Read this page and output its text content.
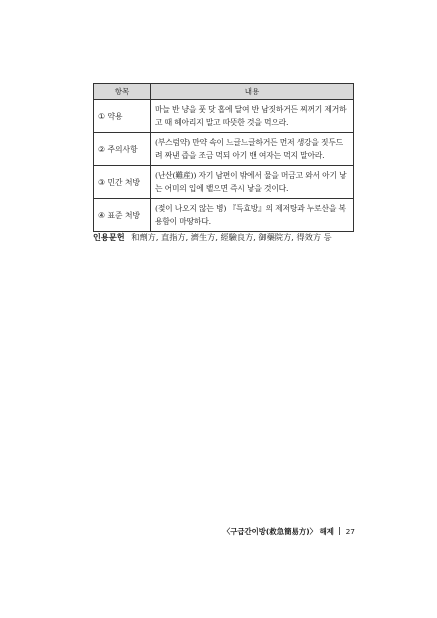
항목	내용
① 약용	마늘 반 냥을 풋 닷 홉에 달여 반 남짓하거든 찌꺼기 제거하고 때 헤아리지 말고 따뜻한 것을 먹으라.
② 주의사항	(부스럼약) 만약 속이 느글느글하거든 먼저 생강을 짓두드려 짜낸 즙을 조금 먹되 아기 밴 여자는 먹지 말아라.
③ 민간 처방	(난산(難産)) 자기 남편이 밖에서 물을 머금고 와서 아기 낳는 어미의 입에 뱉으면 즉시 낳을 것이다.
④ 표준 처방	(젖이 나오지 않는 병) 『득효방』의 제저탕과 누로산을 복용함이 마땅하다.
인용문헌 和劑方, 直指方, 濟生方, 經驗良方, 御藥院方, 得效方 등
〈구급간이방(救急簡易方)〉 해제 27
